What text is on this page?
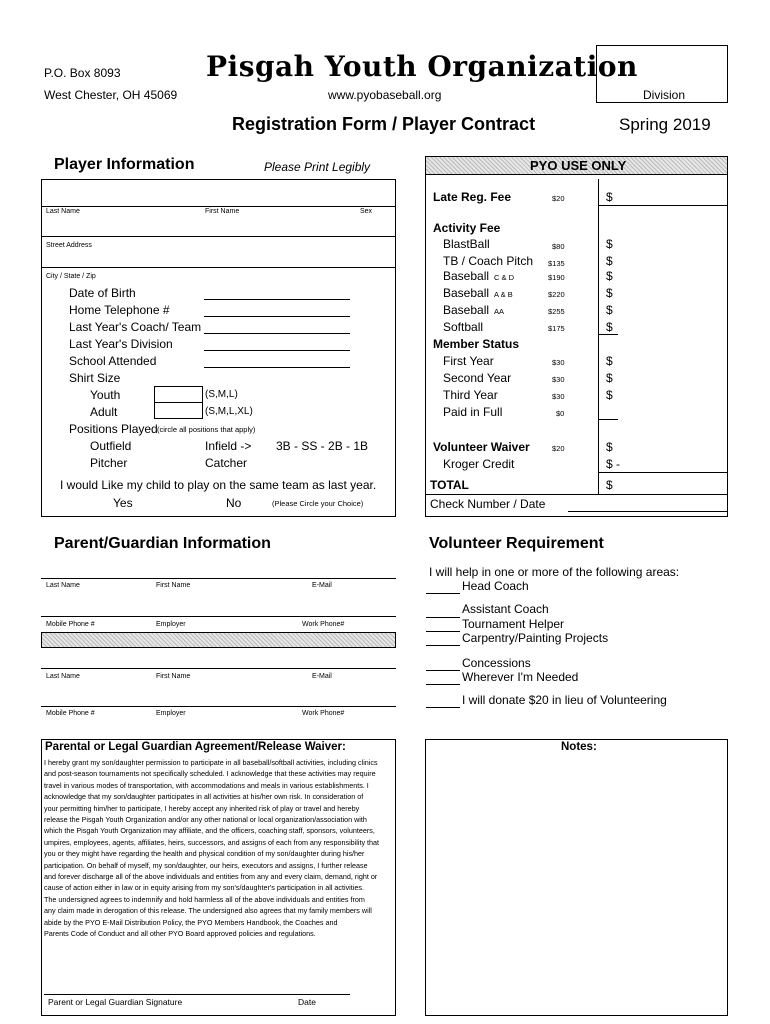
P.O. Box 8093
West Chester, OH 45069
Pisgah Youth Organization
www.pyobaseball.org	Division
Registration Form / Player Contract	Spring 2019
Player Information	Please Print Legibly
Last Name	First Name	Sex
Street Address
City / State / Zip
Date of Birth
Home Telephone #
Last Year's Coach/ Team
Last Year's Division
School Attended
Shirt Size
Youth	(S,M,L)
Adult	(S,M,L,XL)
Positions Played (circle all positions that apply)
Outfield	Infield -> 3B - SS - 2B - 1B
Pitcher	Catcher
I would Like my child to play on the same team as last year.
Yes	No	(Please Circle your Choice)
PYO USE ONLY
Late Reg. Fee	$20	$
Activity Fee
BlastBall	$80	$
TB / Coach Pitch $135	$
Baseball C & D	$190	$
Baseball A & B	$220	$
Baseball AA	$255	$
Softball	$175	$
Member Status
First Year	$30	$
Second Year	$30	$
Third Year	$30	$
Paid in Full	$0
Volunteer Waiver	$20	$
Kroger Credit	$ -
TOTAL	$
Check Number / Date
Parent/Guardian Information
Last Name	First Name	E-Mail
Mobile Phone #	Employer	Work Phone#
Last Name	First Name	E-Mail
Mobile Phone #	Employer	Work Phone#
Volunteer Requirement
I will help in one or more of the following areas:
Head Coach
Assistant Coach
Tournament Helper
Carpentry/Painting Projects
Concessions
Wherever I'm Needed
I will donate $20 in lieu of Volunteering
Parental or Legal Guardian Agreement/Release Waiver:
I hereby grant my son/daughter permission to participate in all baseball/softball activities, including clinics
and post-season tournaments not specifically scheduled. I acknowledge that these activities may require
travel in various modes of transportation, with accommodations and meals in various establishments. I
acknowledge that my son/daughter participates in all activities at his/her own risk. In consideration of
your permitting him/her to participate, I hereby accept any inherited risk of play or travel and hereby
release the Pisgah Youth Organization and/or any other national or local organization/association with
which the Pisgah Youth Organization may affiliate, and the officers, coaching staff, sponsors, volunteers,
umpires, employees, agents, affiliates, heirs, successors, and assigns of each from any responsibility that
you or they might have regarding the health and physical condition of my son/daughter during his/her
participation. On behalf of myself, my son/daughter, our heirs, executors and assigns, I further release
and forever discharge all of the above individuals and entities from any and every claim, demand, right or
cause of action either in law or in equity arising from my son's/daughter's participation in all activities.
The undersigned agrees to indemnify and hold harmless all of the above individuals and entities from
any claim made in derogation of this release. The undersigned also agrees that my family members will
abide by the PYO E-Mail Distribution Policy, the PYO Members Handbook, the Coaches and
Parents Code of Conduct and all other PYO Board approved policies and regulations.
Parent or Legal Guardian Signature	Date
Notes:
